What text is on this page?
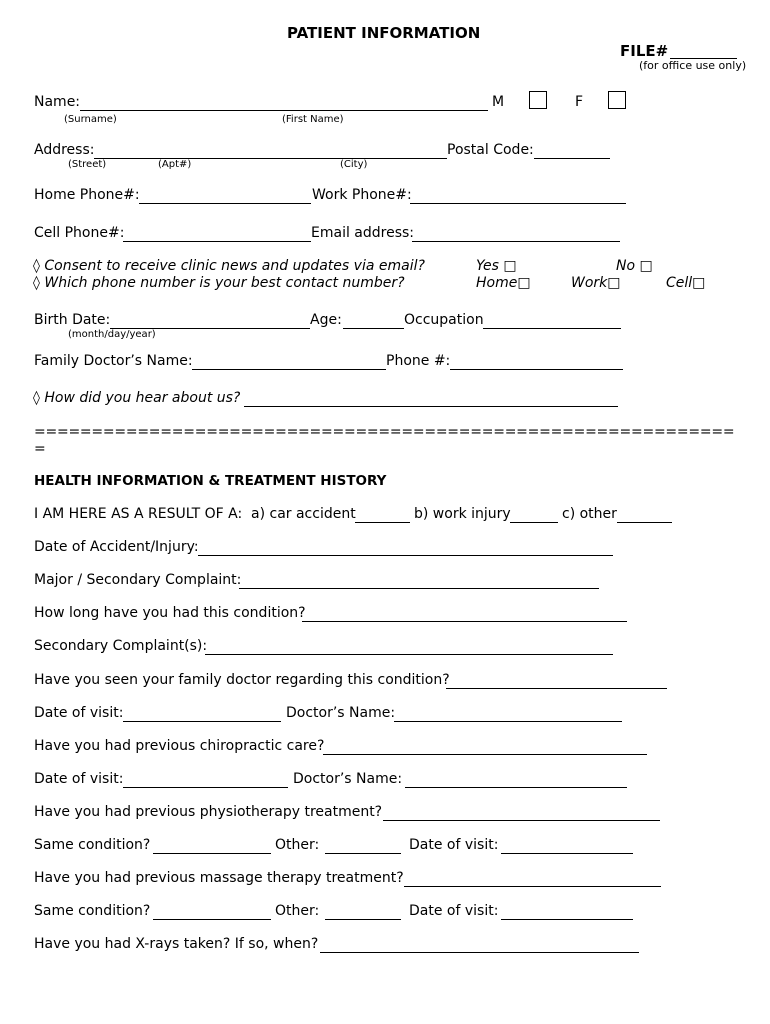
PATIENT INFORMATION
FILE#
(for office use only)
Name:	M	F
(Surname)	(First Name)
Address:	Postal Code:
(Street)	(Apt#)	(City)
Home Phone#:	Work Phone#:
Cell Phone#:	Email address:
◊ Consent to receive clinic news and updates via email?	Yes □	No □
◊ Which phone number is your best contact number?	Home□	Work□	Cell□
Birth Date:	Age:	Occupation
(month/day/year)
Family Doctor’s Name:	Phone #:
◊ How did you hear about us?
=============================================================
=
HEALTH INFORMATION & TREATMENT HISTORY
I AM HERE AS A RESULT OF A: a) car accident	b) work injury	c) other
Date of Accident/Injury:
Major / Secondary Complaint:
How long have you had this condition?
Secondary Complaint(s):
Have you seen your family doctor regarding this condition?
Date of visit:	Doctor’s Name:
Have you had previous chiropractic care?
Date of visit:	Doctor’s Name:
Have you had previous physiotherapy treatment?
Same condition?	Other:	Date of visit:
Have you had previous massage therapy treatment?
Same condition?	Other:	Date of visit:
Have you had X-rays taken? If so, when?
